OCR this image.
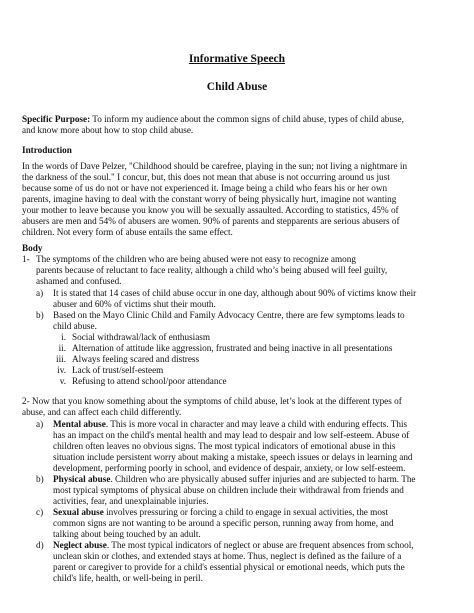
Informative Speech
Child Abuse
Specific Purpose: To inform my audience about the common signs of child abuse, types of child abuse,
and know more about how to stop child abuse.
Introduction
In the words of Dave Pelzer, "Childhood should be carefree, playing in the sun; not living a nightmare in
the darkness of the soul." I concur, but, this does not mean that abuse is not occurring around us just
because some of us do not or have not experienced it. Image being a child who fears his or her own
parents, imagine having to deal with the constant worry of being physically hurt, imagine not wanting
your mother to leave because you know you will be sexually assaulted. According to statistics, 45% of
abusers are men and 54% of abusers are women. 90% of parents and stepparents are serious abusers of
children. Not every form of abuse entails the same effect.
Body
1- The symptoms of the children who are being abused were not easy to recognize among
parents because of reluctant to face reality, although a child who’s being abused will feel guilty,
ashamed and confused.
a) It is stated that 14 cases of child abuse occur in one day, although about 90% of victims know their
abuser and 60% of victims shut their mouth.
b) Based on the Mayo Clinic Child and Family Advocacy Centre, there are few symptoms leads to
child abuse.
i. Social withdrawal/lack of enthusiasm
ii. Alternation of attitude like aggression, frustrated and being inactive in all presentations
iii. Always feeling scared and distress
iv. Lack of trust/self-esteem
v. Refusing to attend school/poor attendance
2- Now that you know something about the symptoms of child abuse, let’s look at the different types of
abuse, and can affect each child differently.
a) Mental abuse. This is more vocal in character and may leave a child with enduring effects. This
has an impact on the child's mental health and may lead to despair and low self-esteem. Abuse of
children often leaves no obvious signs. The most typical indicators of emotional abuse in this
situation include persistent worry about making a mistake, speech issues or delays in learning and
development, performing poorly in school, and evidence of despair, anxiety, or low self-esteem.
b) Physical abuse. Children who are physically abused suffer injuries and are subjected to harm. The
most typical symptoms of physical abuse on children include their withdrawal from friends and
activities, fear, and unexplainable injuries.
c) Sexual abuse involves pressuring or forcing a child to engage in sexual activities, the most
common signs are not wanting to be around a specific person, running away from home, and
talking about being touched by an adult.
d) Neglect abuse. The most typical indicators of neglect or abuse are frequent absences from school,
unclean skin or clothes, and extended stays at home. Thus, neglect is defined as the failure of a
parent or caregiver to provide for a child's essential physical or emotional needs, which puts the
child's life, health, or well-being in peril.
